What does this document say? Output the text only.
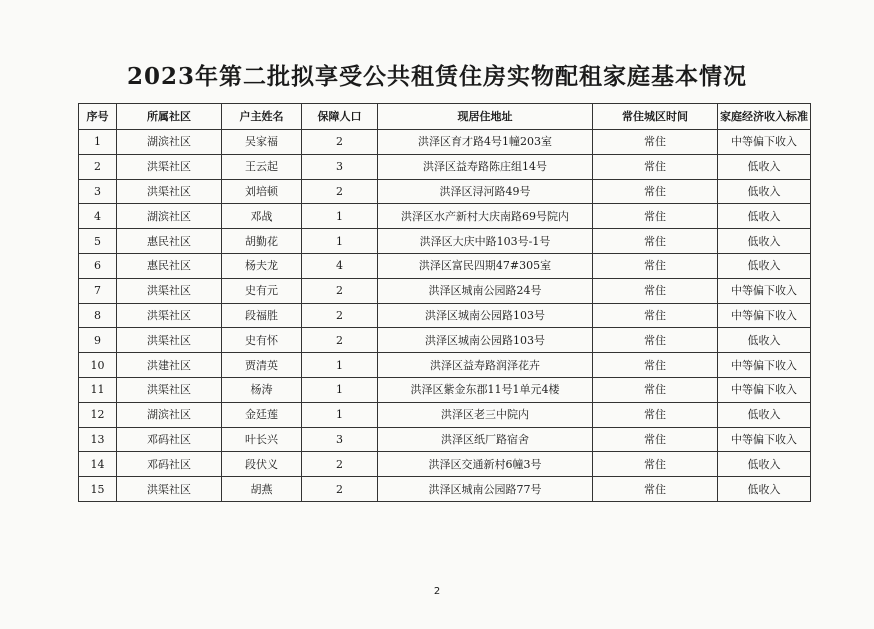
2023年第二批拟享受公共租赁住房实物配租家庭基本情况
序号	所属社区	户主姓名	保障人口	现居住地址	常住城区时间	家庭经济收入标准
1	湖滨社区	吴家福	2	洪泽区育才路4号1幢203室	常住	中等偏下收入
2	洪渠社区	王云起	3	洪泽区益寿路陈庄组14号	常住	低收入
3	洪渠社区	刘培顿	2	洪泽区浔河路49号	常住	低收入
4	湖滨社区	邓战	1	洪泽区水产新村大庆南路69号院内	常住	低收入
5	惠民社区	胡勤花	1	洪泽区大庆中路103号-1号	常住	低收入
6	惠民社区	杨夫龙	4	洪泽区富民四期47#305室	常住	低收入
7	洪渠社区	史有元	2	洪泽区城南公园路24号	常住	中等偏下收入
8	洪渠社区	段福胜	2	洪泽区城南公园路103号	常住	中等偏下收入
9	洪渠社区	史有怀	2	洪泽区城南公园路103号	常住	低收入
10	洪建社区	贾清英	1	洪泽区益寿路润泽花卉	常住	中等偏下收入
11	洪渠社区	杨涛	1	洪泽区紫金东郡11号1单元4楼	常住	中等偏下收入
12	湖滨社区	金廷莲	1	洪泽区老三中院内	常住	低收入
13	邓码社区	叶长兴	3	洪泽区纸厂路宿舍	常住	中等偏下收入
14	邓码社区	段伏义	2	洪泽区交通新村6幢3号	常住	低收入
15	洪渠社区	胡燕	2	洪泽区城南公园路77号	常住	低收入
2
